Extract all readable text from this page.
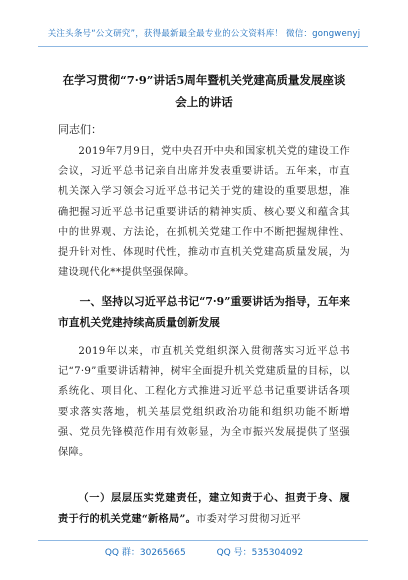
关注头条号“公文研究”，获得最新最全最专业的公文资料库！ 微信：gongwenyj
在学习贯彻“7·9”讲话5周年暨机关党建高质量发展座谈
会上的讲话
同志们：
2019年7月9日，党中央召开中央和国家机关党的建设工作会议，习近平总书记亲自出席并发表重要讲话。五年来，市直机关深入学习领会习近平总书记关于党的建设的重要思想，准确把握习近平总书记重要讲话的精神实质、核心要义和蕴含其中的世界观、方法论，在抓机关党建工作中不断把握规律性、提升针对性、体现时代性，推动市直机关党建高质量发展，为建设现代化**提供坚强保障。
一、坚持以习近平总书记“7·9”重要讲话为指导，五年来市直机关党建持续高质量创新发展
2019年以来，市直机关党组织深入贯彻落实习近平总书记“7·9”重要讲话精神，树牢全面提升机关党建质量的目标，以系统化、项目化、工程化方式推进习近平总书记重要讲话各项要求落实落地，机关基层党组织政治功能和组织功能不断增强、党员先锋模范作用有效彰显，为全市振兴发展提供了坚强保障。
（一）层层压实党建责任，建立知责于心、担责于身、履责于行的机关党建“新格局”。市委对学习贯彻习近平
QQ 群：30265665	QQ 号：535304092
